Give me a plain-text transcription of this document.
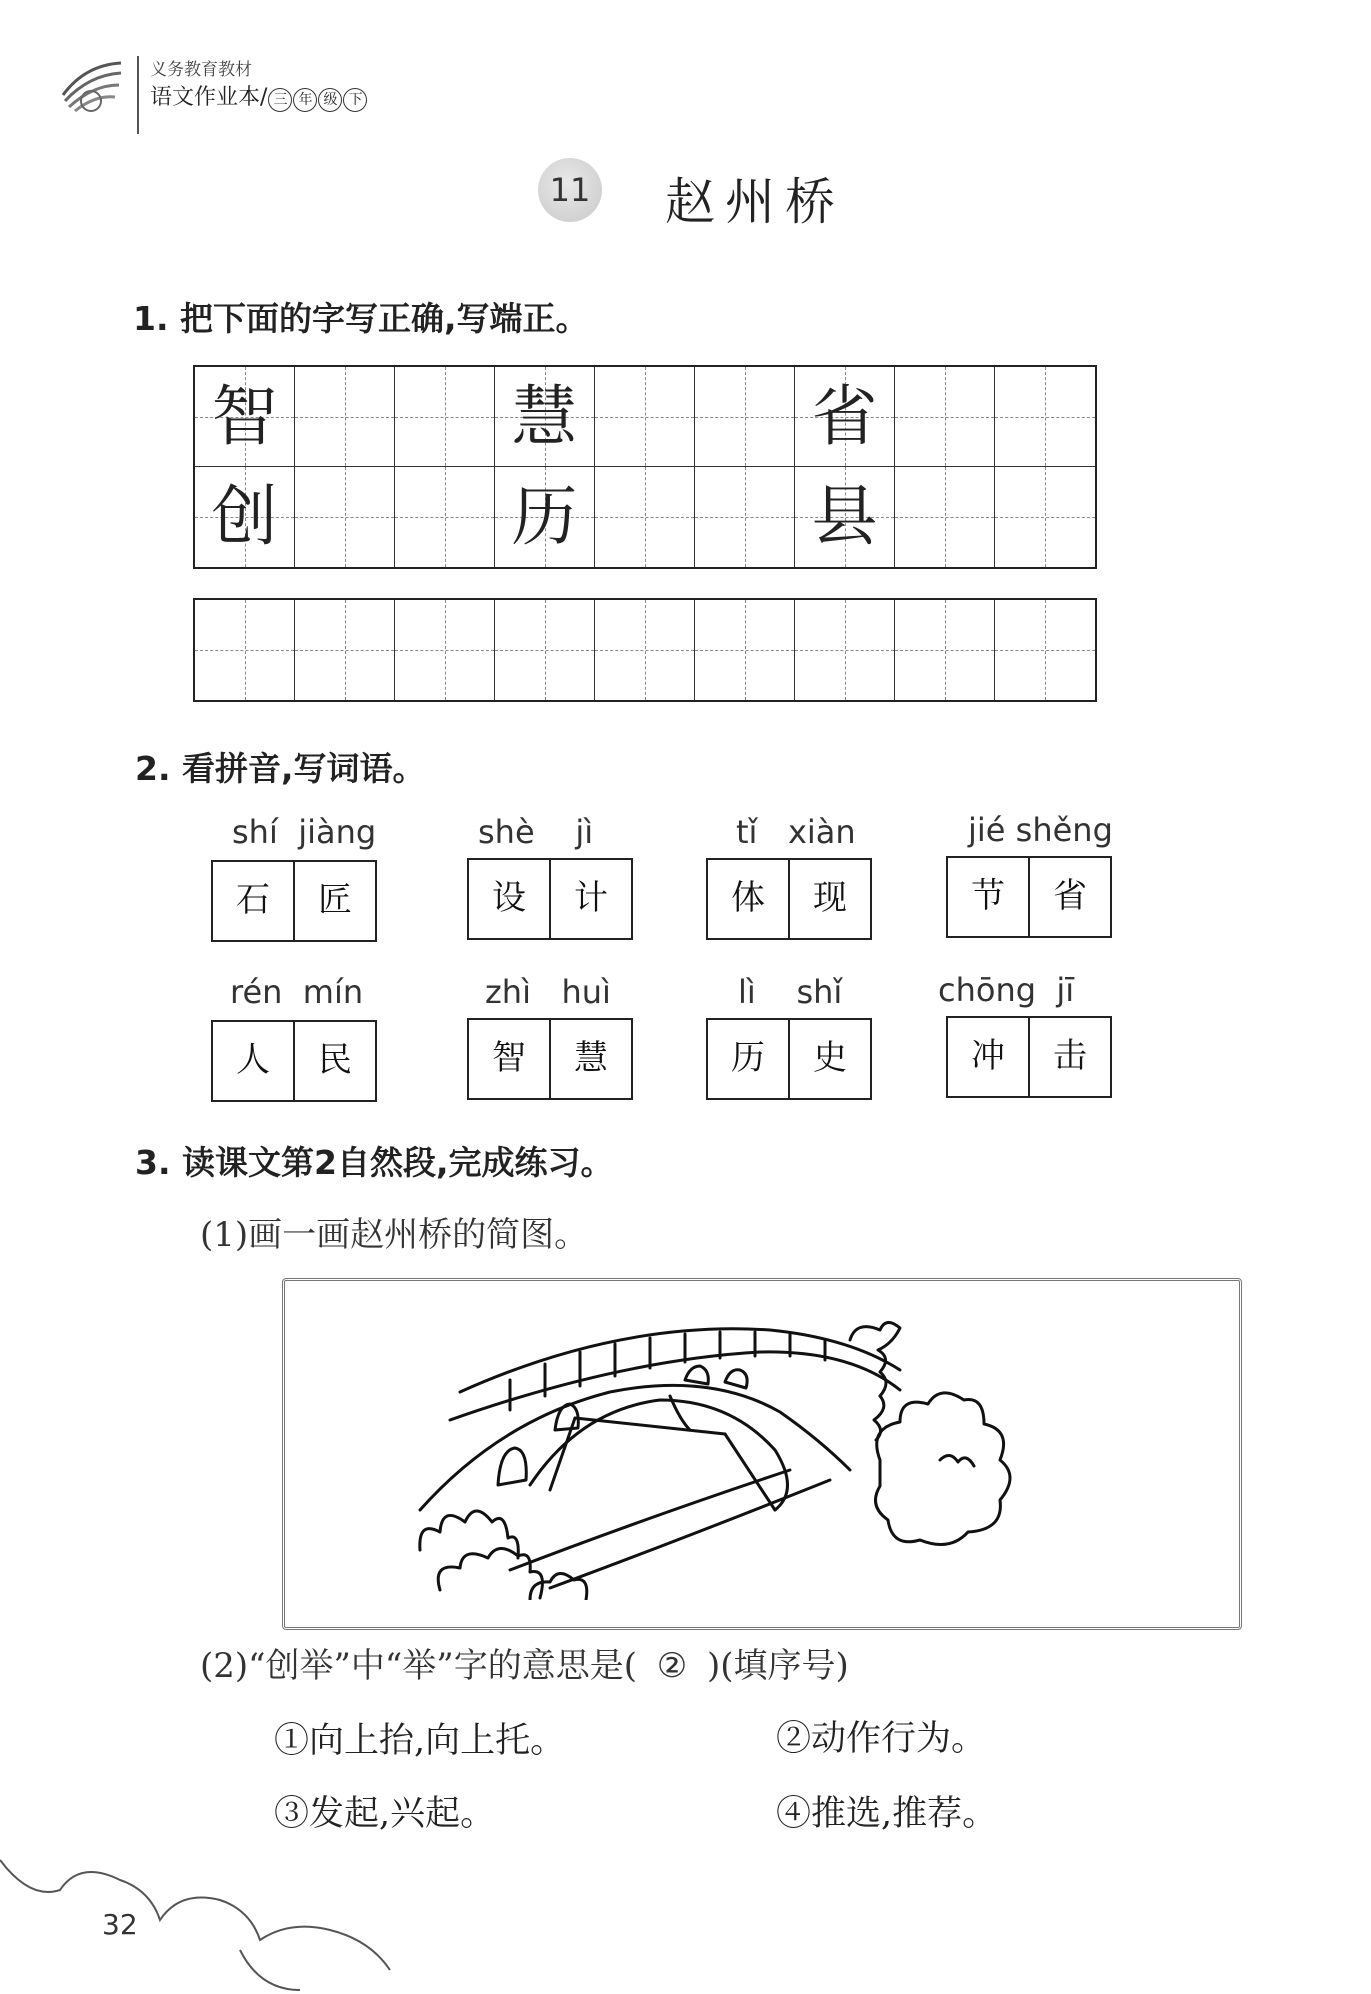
义务教育教材
语文作业本/ 三 年 级 下
11 赵州桥
1. 把下面的字写正确,写端正。
智	慧	省
创	历	县
2. 看拼音,写词语。
shí  jiàng
石	匠
shè    jì
设	计
tǐ   xiàn
体	现
jié shěng
节	省
rén  mín
人	民
zhì   huì
智	慧
lì    shǐ
历	史
chōng  jī
冲	击
3. 读课文第2自然段,完成练习。
(1)画一画赵州桥的简图。
(2)“创举”中“举”字的意思是( ② )(填序号)
①向上抬,向上托。	②动作行为。
③发起,兴起。	④推选,推荐。
32
